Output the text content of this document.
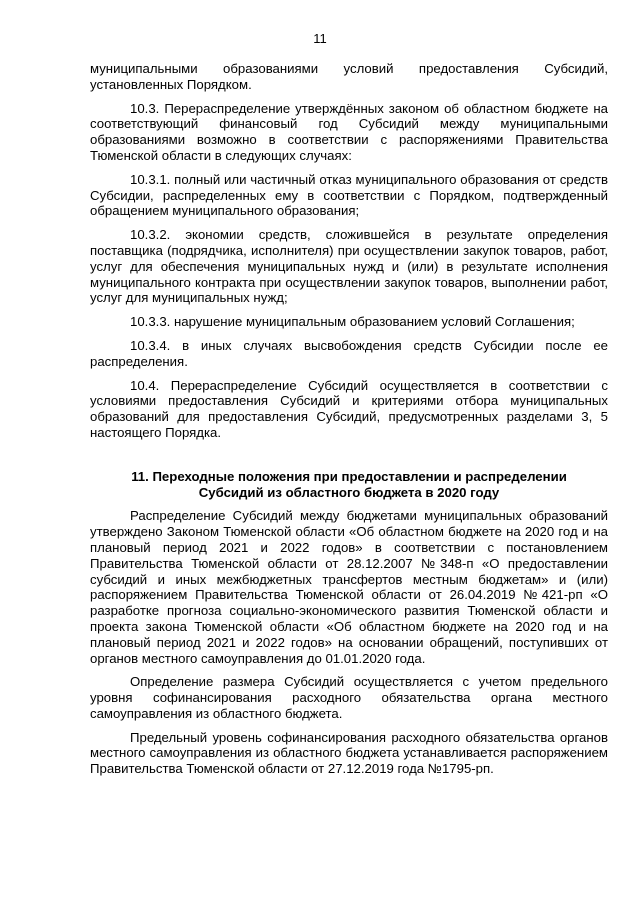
11

муниципальными образованиями условий предоставления Субсидий, установленных Порядком.

10.3. Перераспределение утверждённых законом об областном бюджете на соответствующий финансовый год Субсидий между муниципальными образованиями возможно в соответствии с распоряжениями Правительства Тюменской области в следующих случаях:

10.3.1. полный или частичный отказ муниципального образования от средств Субсидии, распределенных ему в соответствии с Порядком, подтвержденный обращением муниципального образования;

10.3.2. экономии средств, сложившейся в результате определения поставщика (подрядчика, исполнителя) при осуществлении закупок товаров, работ, услуг для обеспечения муниципальных нужд и (или) в результате исполнения муниципального контракта при осуществлении закупок товаров, выполнении работ, услуг для муниципальных нужд;

10.3.3. нарушение муниципальным образованием условий Соглашения;

10.3.4. в иных случаях высвобождения средств Субсидии после ее распределения.

10.4. Перераспределение Субсидий осуществляется в соответствии с условиями предоставления Субсидий и критериями отбора муниципальных образований для предоставления Субсидий, предусмотренных разделами 3, 5 настоящего Порядка.

11. Переходные положения при предоставлении и распределении
Субсидий из областного бюджета в 2020 году

Распределение Субсидий между бюджетами муниципальных образований утверждено Законом Тюменской области «Об областном бюджете на 2020 год и на плановый период 2021 и 2022 годов» в соответствии с постановлением Правительства Тюменской области от 28.12.2007 №348-п «О предоставлении субсидий и иных межбюджетных трансфертов местным бюджетам» и (или) распоряжением Правительства Тюменской области от 26.04.2019 №421-рп «О разработке прогноза социально-экономического развития Тюменской области и проекта закона Тюменской области «Об областном бюджете на 2020 год и на плановый период 2021 и 2022 годов» на основании обращений, поступивших от органов местного самоуправления до 01.01.2020 года.

Определение размера Субсидий осуществляется с учетом предельного уровня софинансирования расходного обязательства органа местного самоуправления из областного бюджета.

Предельный уровень софинансирования расходного обязательства органов местного самоуправления из областного бюджета устанавливается распоряжением Правительства Тюменской области от 27.12.2019 года №1795-рп.
